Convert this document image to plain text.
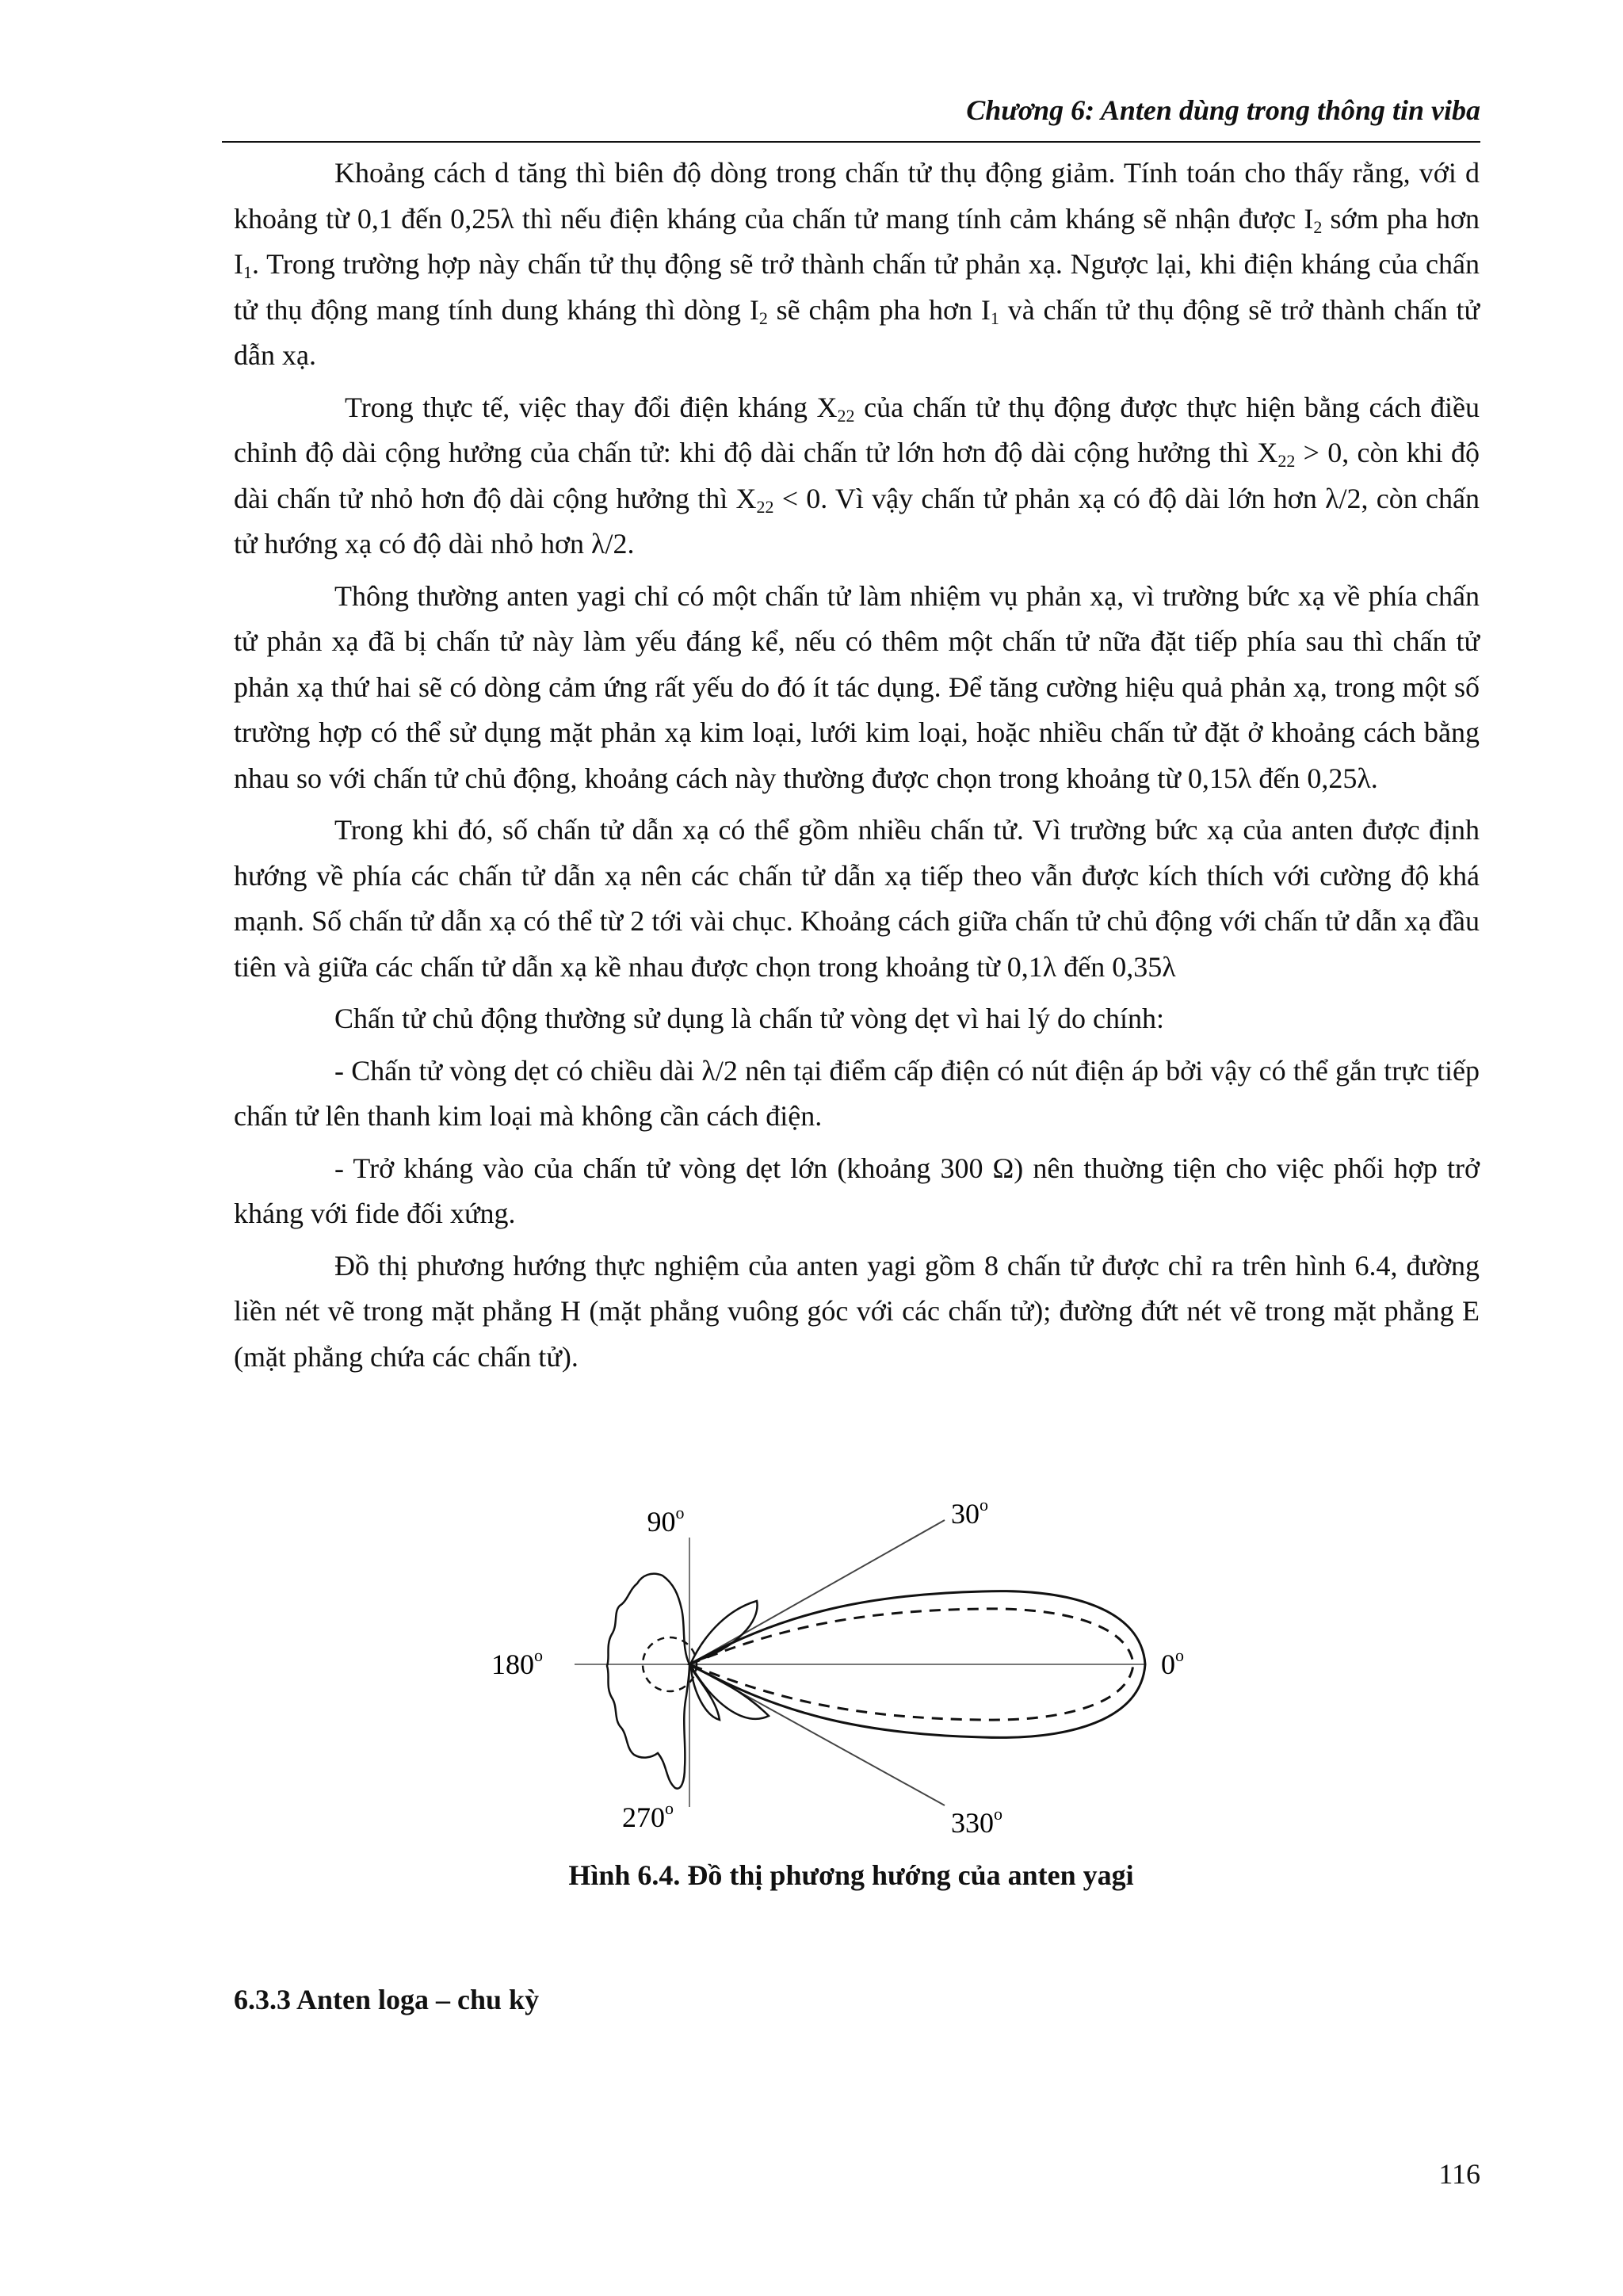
Chương 6: Anten dùng trong thông tin viba

Khoảng cách d tăng thì biên độ dòng trong chấn tử thụ động giảm. Tính toán cho thấy rằng, với d khoảng từ 0,1 đến 0,25λ thì nếu điện kháng của chấn tử mang tính cảm kháng sẽ nhận được $I_2$ sớm pha hơn $I_1$. Trong trường hợp này chấn tử thụ động sẽ trở thành chấn tử phản xạ. Ngược lại, khi điện kháng của chấn tử thụ động mang tính dung kháng thì dòng $I_2$ sẽ chậm pha hơn $I_1$ và chấn tử thụ động sẽ trở thành chấn tử dẫn xạ.

Trong thực tế, việc thay đổi điện kháng $X_{22}$ của chấn tử thụ động được thực hiện bằng cách điều chỉnh độ dài cộng hưởng của chấn tử: khi độ dài chấn tử lớn hơn độ dài cộng hưởng thì $X_{22} > 0$, còn khi độ dài chấn tử nhỏ hơn độ dài cộng hưởng thì $X_{22} < 0$. Vì vậy chấn tử phản xạ có độ dài lớn hơn λ/2, còn chấn tử hướng xạ có độ dài nhỏ hơn λ/2.

Thông thường anten yagi chỉ có một chấn tử làm nhiệm vụ phản xạ, vì trường bức xạ về phía chấn tử phản xạ đã bị chấn tử này làm yếu đáng kể, nếu có thêm một chấn tử nữa đặt tiếp phía sau thì chấn tử phản xạ thứ hai sẽ có dòng cảm ứng rất yếu do đó ít tác dụng. Để tăng cường hiệu quả phản xạ, trong một số trường hợp có thể sử dụng mặt phản xạ kim loại, lưới kim loại, hoặc nhiều chấn tử đặt ở khoảng cách bằng nhau so với chấn tử chủ động, khoảng cách này thường được chọn trong khoảng từ 0,15λ đến 0,25λ.

Trong khi đó, số chấn tử dẫn xạ có thể gồm nhiều chấn tử. Vì trường bức xạ của anten được định hướng về phía các chấn tử dẫn xạ nên các chấn tử dẫn xạ tiếp theo vẫn được kích thích với cường độ khá mạnh. Số chấn tử dẫn xạ có thể từ 2 tới vài chục. Khoảng cách giữa chấn tử chủ động với chấn tử dẫn xạ đầu tiên và giữa các chấn tử dẫn xạ kề nhau được chọn trong khoảng từ 0,1λ đến 0,35λ

Chấn tử chủ động thường sử dụng là chấn tử vòng dẹt vì hai lý do chính:

- Chấn tử vòng dẹt có chiều dài λ/2 nên tại điểm cấp điện có nút điện áp bởi vậy có thể gắn trực tiếp chấn tử lên thanh kim loại mà không cần cách điện.

- Trở kháng vào của chấn tử vòng dẹt lớn (khoảng 300 Ω) nên thuờng tiện cho việc phối hợp trở kháng với fide đối xứng.

Đồ thị phương hướng thực nghiệm của anten yagi gồm 8 chấn tử được chỉ ra trên hình 6.4, đường liền nét vẽ trong mặt phẳng H (mặt phẳng vuông góc với các chấn tử); đường đứt nét vẽ trong mặt phẳng E (mặt phẳng chứa các chấn tử).

90$^o$	30$^o$
180$^o$	0$^o$
270$^o$	330$^o$
Hình 6.4. Đồ thị phương hướng của anten yagi
6.3.3 Anten loga – chu kỳ
116
